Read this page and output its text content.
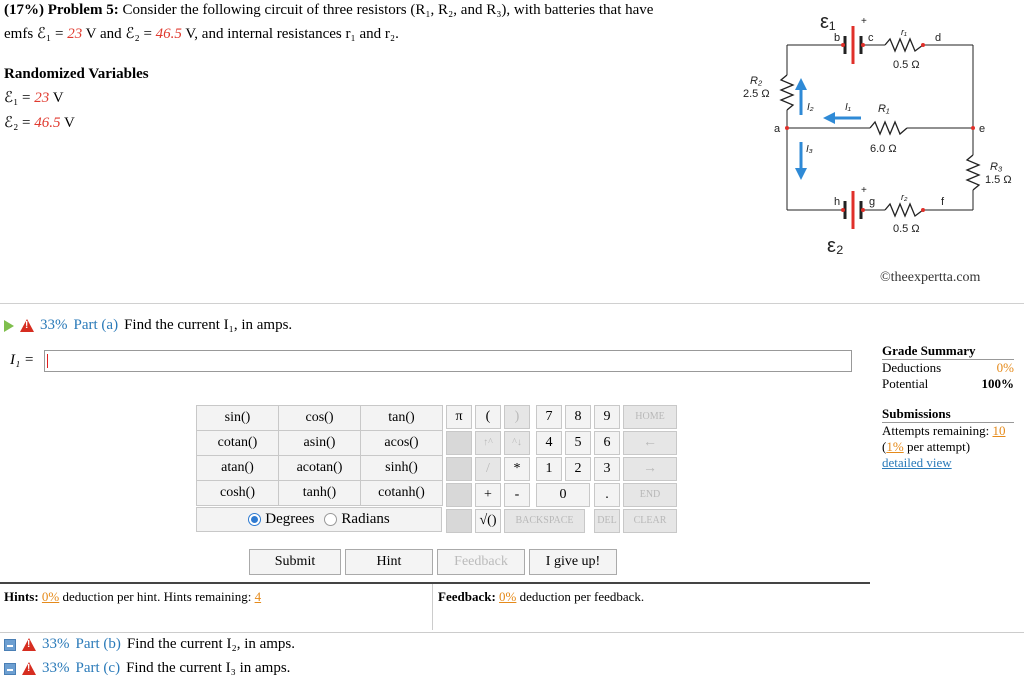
(17%) Problem 5: Consider the following circuit of three resistors (R₁, R₂, and R₃), with batteries that have
emfs ℰ₁ = 23 V and ℰ₂ = 46.5 V, and internal resistances r₁ and r₂.
Randomized Variables
ℰ₁ = 23 V
ℰ₂ = 46.5 V
ε₁	+
b	c	d
r₁
0.5 Ω
R₂
2.5 Ω
I₂	I₁ R₁
a	e
6.0 Ω
I₃
R₃
1.5 Ω
+
h	g	f
r₂
0.5 Ω
ε₂
©theexpertta.com
!
33% Part (a) Find the current I₁, in amps.
I₁ =
sin()	cos()	tan()
cotan()	asin()	acos()
atan()	acotan()	sinh()
cosh()	tanh()	cotanh()
Degrees Radians
π	(	)	7	8	9	HOME
↑^	^↓	4	5	6	←
/	*	1	2	3	→
+	-	0	.	END
√()	BACKSPACE	DEL	CLEAR
Submit	Hint	Feedback	I give up!
Hints: 0% deduction per hint. Hints remaining: 4	Feedback: 0% deduction per feedback.
Grade Summary
Deductions	0%
Potential	100%
Submissions
Attempts remaining: 10
(1% per attempt)
detailed view
!
33% Part (b) Find the current I₂, in amps.
!
33% Part (c) Find the current I₃ in amps.
